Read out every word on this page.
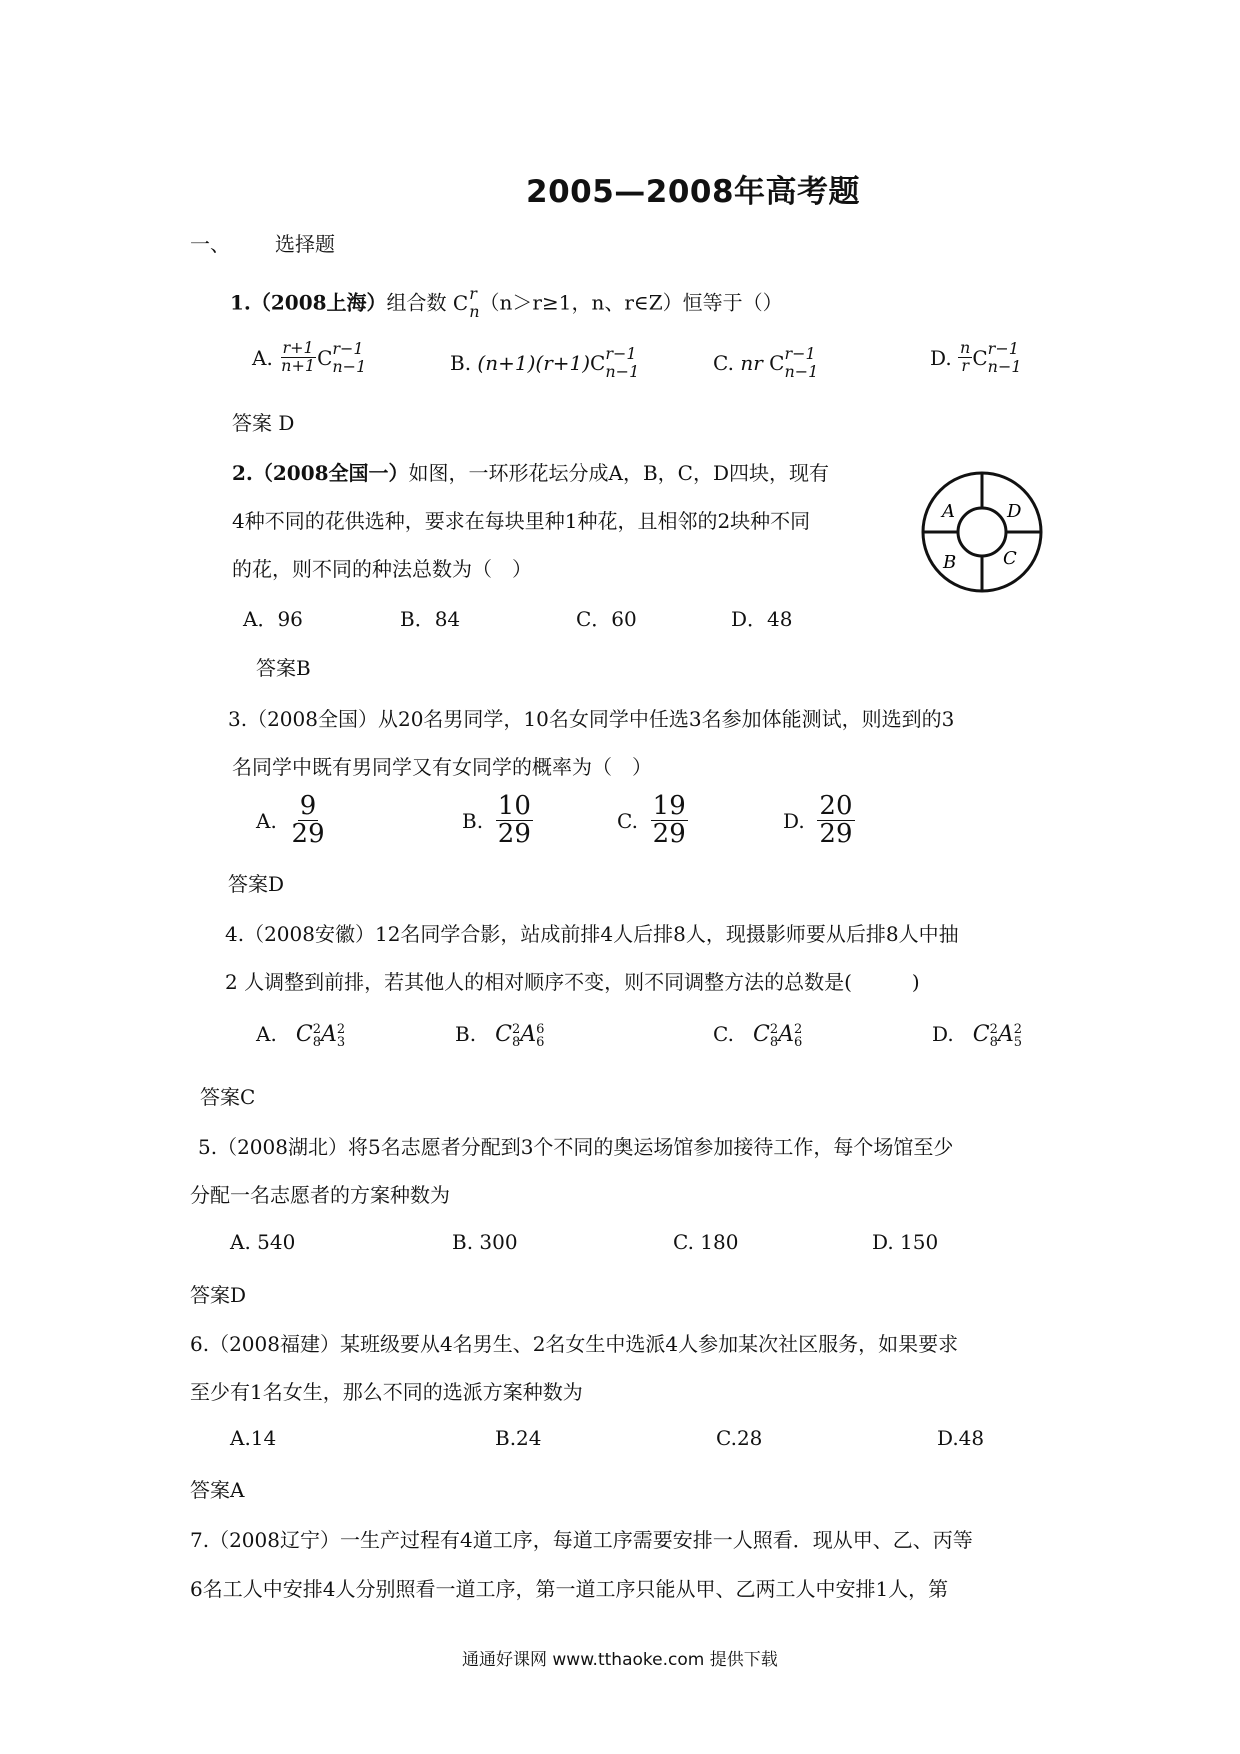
2005—2008年高考题
一、 选择题
1.（2008上海）组合数 C r
n （n＞r≥1，n、r∈Z）恒等于（）
A.
$\frac{r+1}{n+1}$ C r−1
n−1	B.
(n+1)(r+1) C r−1
n−1	C.
nr
C r−1
n−1
D.
$\frac{n}{r}$ C r−1
n−1
答案 D
2.（2008全国一）如图，一环形花坛分成A，B，C，D四块，现有
4种不同的花供选种，要求在每块里种1种花，且相邻的2块种不同
的花，则不同的种法总数为（　）
A	D
B	C
A．96	B．84	C．60	D．48
答案B
3.（2008全国）从20名男同学，10名女同学中任选3名参加体能测试，则选到的3
名同学中既有男同学又有女同学的概率为（　）
A.
$\frac{9}{29}$	B.
$\frac{10}{29}$	C.
$\frac{19}{29}$	D.
$\frac{20}{29}$
答案D
4.（2008安徽）12名同学合影，站成前排4人后排8人，现摄影师要从后排8人中抽
2 人调整到前排，若其他人的相对顺序不变，则不同调整方法的总数是(　　　)
A. C 2
8 A 2
3	B. C 2
8 A 6
6	C. C 2
8 A 2
6	D. C 2
8 A 2
5
答案C
5.（2008湖北）将5名志愿者分配到3个不同的奥运场馆参加接待工作，每个场馆至少
分配一名志愿者的方案种数为
A. 540	B. 300	C. 180	D. 150
答案D
6.（2008福建）某班级要从4名男生、2名女生中选派4人参加某次社区服务，如果要求
至少有1名女生，那么不同的选派方案种数为
A.14	B.24	C.28	D.48
答案A
7.（2008辽宁）一生产过程有4道工序，每道工序需要安排一人照看．现从甲、乙、丙等
6名工人中安排4人分别照看一道工序，第一道工序只能从甲、乙两工人中安排1人，第
通通好课网 www.tthaoke.com 提供下载
